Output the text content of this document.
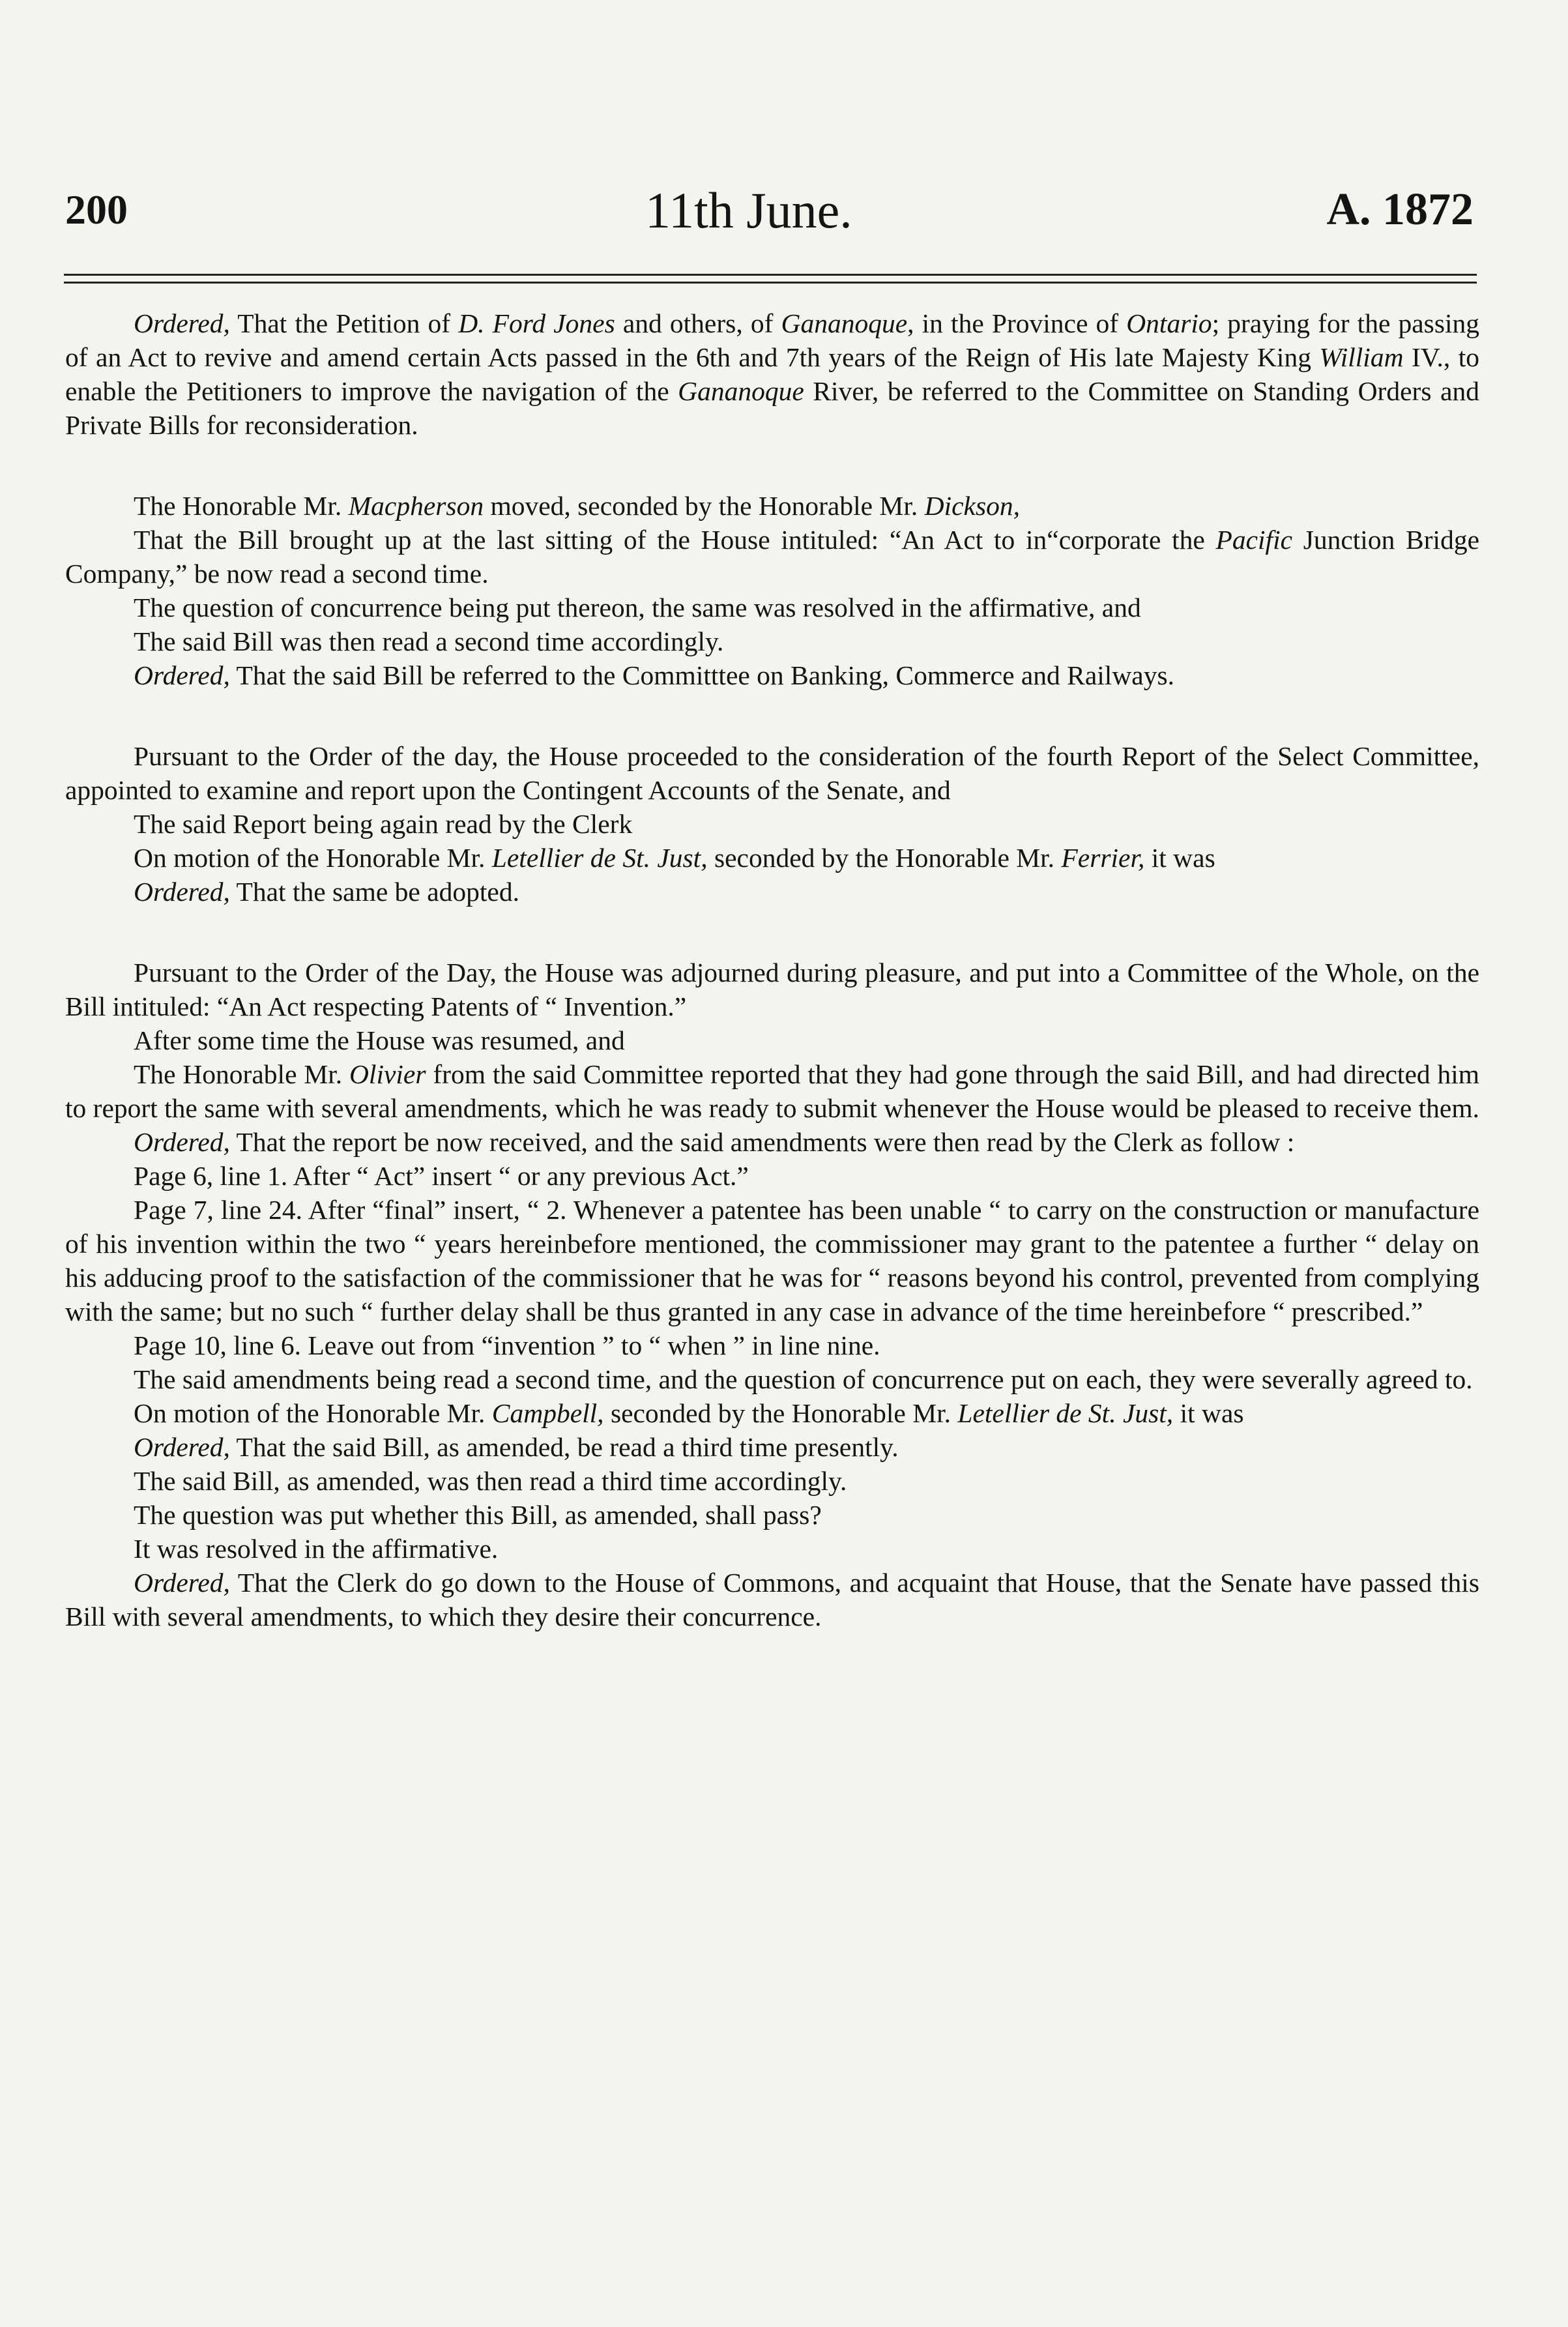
200	11th June.	A. 1872

Ordered, That the Petition of D. Ford Jones and others, of Gananoque, in the Province of Ontario; praying for the passing of an Act to revive and amend certain Acts passed in the 6th and 7th years of the Reign of His late Majesty King William IV., to enable the Petitioners to improve the navigation of the Gananoque River, be referred to the Committee on Standing Orders and Private Bills for reconsideration.

The Honorable Mr. Macpherson moved, seconded by the Honorable Mr. Dickson,

That the Bill brought up at the last sitting of the House intituled: “An Act to in“corporate the Pacific Junction Bridge Company,” be now read a second time.

The question of concurrence being put thereon, the same was resolved in the affirmative, and

The said Bill was then read a second time accordingly.

Ordered, That the said Bill be referred to the Committtee on Banking, Commerce and Railways.

Pursuant to the Order of the day, the House proceeded to the consideration of the fourth Report of the Select Committee, appointed to examine and report upon the Contingent Accounts of the Senate, and

The said Report being again read by the Clerk

On motion of the Honorable Mr. Letellier de St. Just, seconded by the Honorable Mr. Ferrier, it was

Ordered, That the same be adopted.

Pursuant to the Order of the Day, the House was adjourned during pleasure, and put into a Committee of the Whole, on the Bill intituled: “An Act respecting Patents of “ Invention.”

After some time the House was resumed, and

The Honorable Mr. Olivier from the said Committee reported that they had gone through the said Bill, and had directed him to report the same with several amendments, which he was ready to submit whenever the House would be pleased to receive them.

Ordered, That the report be now received, and the said amendments were then read by the Clerk as follow :

Page 6, line 1. After “ Act” insert “ or any previous Act.”

Page 7, line 24. After “final” insert, “ 2. Whenever a patentee has been unable “ to carry on the construction or manufacture of his invention within the two “ years hereinbefore mentioned, the commissioner may grant to the patentee a further “ delay on his adducing proof to the satisfaction of the commissioner that he was for “ reasons beyond his control, prevented from complying with the same; but no such “ further delay shall be thus granted in any case in advance of the time hereinbefore “ prescribed.”

Page 10, line 6. Leave out from “invention ” to “ when ” in line nine.

The said amendments being read a second time, and the question of concurrence put on each, they were severally agreed to.

On motion of the Honorable Mr. Campbell, seconded by the Honorable Mr. Letellier de St. Just, it was

Ordered, That the said Bill, as amended, be read a third time presently.

The said Bill, as amended, was then read a third time accordingly.

The question was put whether this Bill, as amended, shall pass?

It was resolved in the affirmative.

Ordered, That the Clerk do go down to the House of Commons, and acquaint that House, that the Senate have passed this Bill with several amendments, to which they desire their concurrence.
